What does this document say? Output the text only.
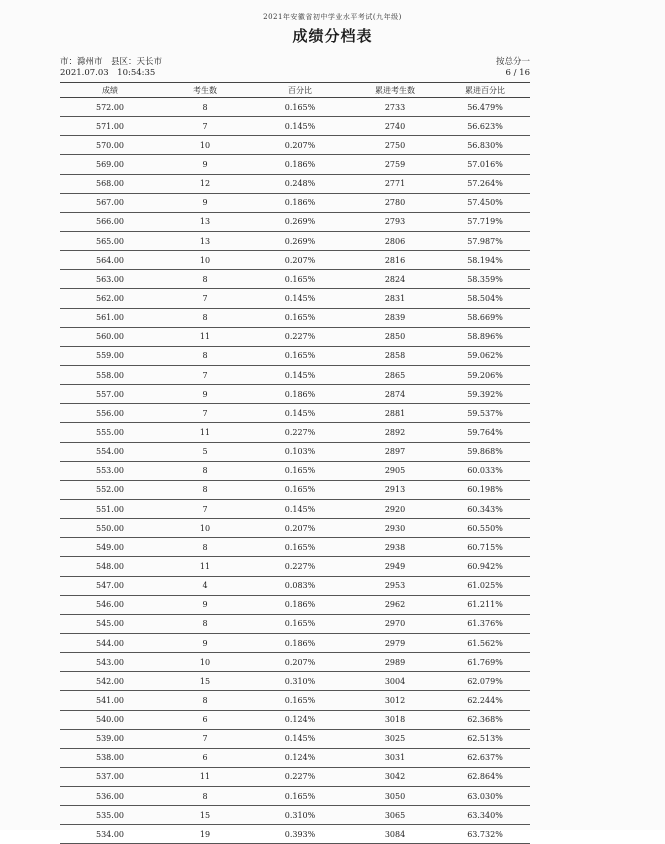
2021年安徽省初中学业水平考试(九年级)
成绩分档表
市：滁州市　县区：天长市
2021.07.03　10:54:35
按总分一
6 / 16
成绩	考生数	百分比	累进考生数	累进百分比
572.00	8	0.165%	2733	56.479%
571.00	7	0.145%	2740	56.623%
570.00	10	0.207%	2750	56.830%
569.00	9	0.186%	2759	57.016%
568.00	12	0.248%	2771	57.264%
567.00	9	0.186%	2780	57.450%
566.00	13	0.269%	2793	57.719%
565.00	13	0.269%	2806	57.987%
564.00	10	0.207%	2816	58.194%
563.00	8	0.165%	2824	58.359%
562.00	7	0.145%	2831	58.504%
561.00	8	0.165%	2839	58.669%
560.00	11	0.227%	2850	58.896%
559.00	8	0.165%	2858	59.062%
558.00	7	0.145%	2865	59.206%
557.00	9	0.186%	2874	59.392%
556.00	7	0.145%	2881	59.537%
555.00	11	0.227%	2892	59.764%
554.00	5	0.103%	2897	59.868%
553.00	8	0.165%	2905	60.033%
552.00	8	0.165%	2913	60.198%
551.00	7	0.145%	2920	60.343%
550.00	10	0.207%	2930	60.550%
549.00	8	0.165%	2938	60.715%
548.00	11	0.227%	2949	60.942%
547.00	4	0.083%	2953	61.025%
546.00	9	0.186%	2962	61.211%
545.00	8	0.165%	2970	61.376%
544.00	9	0.186%	2979	61.562%
543.00	10	0.207%	2989	61.769%
542.00	15	0.310%	3004	62.079%
541.00	8	0.165%	3012	62.244%
540.00	6	0.124%	3018	62.368%
539.00	7	0.145%	3025	62.513%
538.00	6	0.124%	3031	62.637%
537.00	11	0.227%	3042	62.864%
536.00	8	0.165%	3050	63.030%
535.00	15	0.310%	3065	63.340%
534.00	19	0.393%	3084	63.732%
